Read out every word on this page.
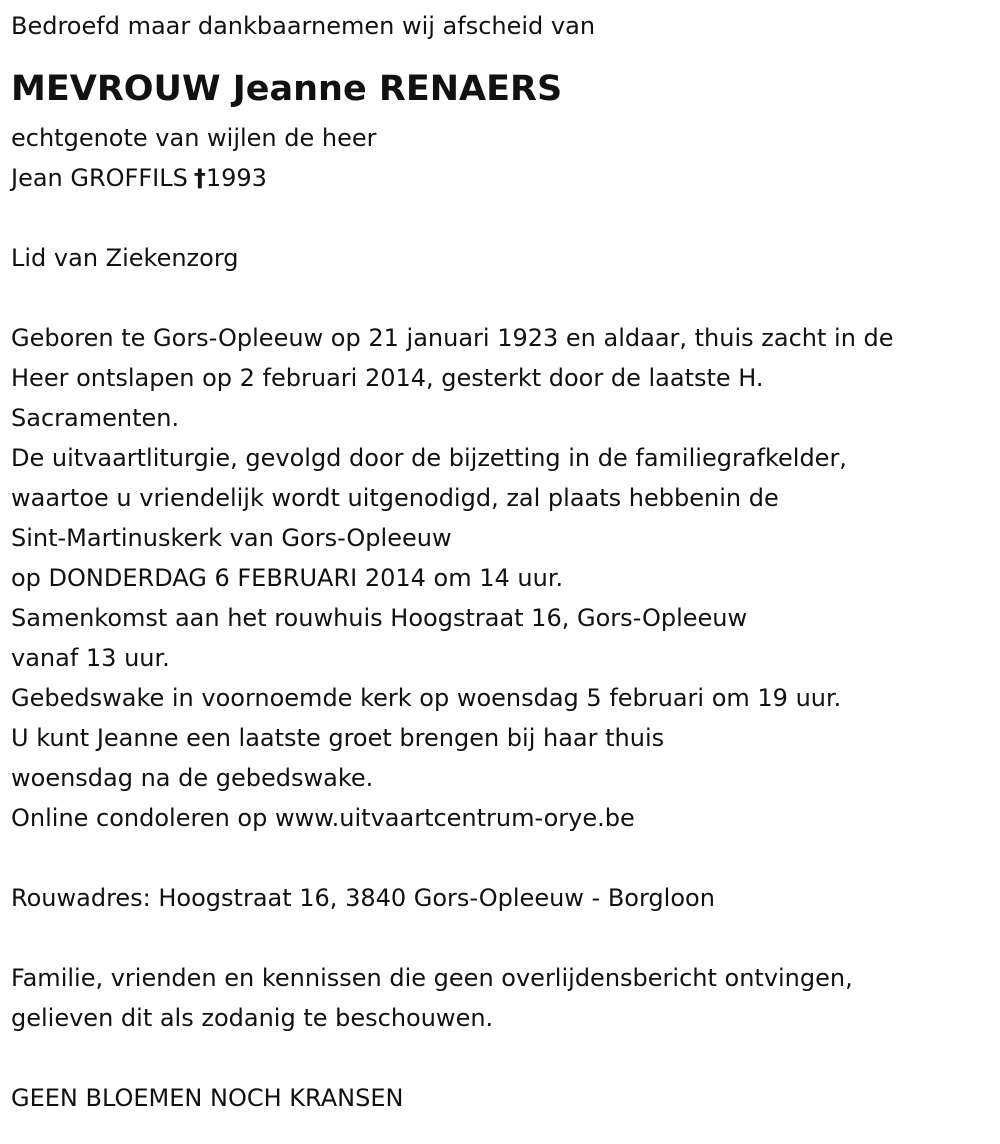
Bedroefd maar dankbaarnemen wij afscheid van
MEVROUW Jeanne RENAERS
echtgenote van wijlen de heer
Jean GROFFILS †1993
Lid van Ziekenzorg
Geboren te Gors-Opleeuw op 21 januari 1923 en aldaar, thuis zacht in de
Heer ontslapen op 2 februari 2014, gesterkt door de laatste H.
Sacramenten.
De uitvaartliturgie, gevolgd door de bijzetting in de familiegrafkelder,
waartoe u vriendelijk wordt uitgenodigd, zal plaats hebbenin de
Sint-Martinuskerk van Gors-Opleeuw
op DONDERDAG 6 FEBRUARI 2014 om 14 uur.
Samenkomst aan het rouwhuis Hoogstraat 16, Gors-Opleeuw
vanaf 13 uur.
Gebedswake in voornoemde kerk op woensdag 5 februari om 19 uur.
U kunt Jeanne een laatste groet brengen bij haar thuis
woensdag na de gebedswake.
Online condoleren op www.uitvaartcentrum-orye.be
Rouwadres: Hoogstraat 16, 3840 Gors-Opleeuw - Borgloon
Familie, vrienden en kennissen die geen overlijdensbericht ontvingen,
gelieven dit als zodanig te beschouwen.
GEEN BLOEMEN NOCH KRANSEN
